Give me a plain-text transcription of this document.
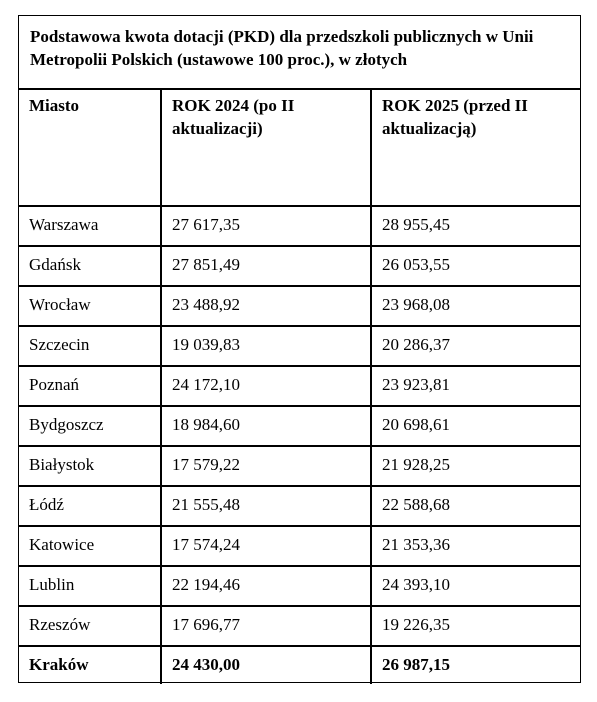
Podstawowa kwota dotacji (PKD) dla przedszkoli publicznych w Unii Metropolii Polskich (ustawowe 100 proc.), w złotych
Miasto	ROK 2024 (po II aktualizacji)	ROK 2025 (przed II aktualizacją)
Warszawa	27 617,35	28 955,45
Gdańsk	27 851,49	26 053,55
Wrocław	23 488,92	23 968,08
Szczecin	19 039,83	20 286,37
Poznań	24 172,10	23 923,81
Bydgoszcz	18 984,60	20 698,61
Białystok	17 579,22	21 928,25
Łódź	21 555,48	22 588,68
Katowice	17 574,24	21 353,36
Lublin	22 194,46	24 393,10
Rzeszów	17 696,77	19 226,35
Kraków	24 430,00	26 987,15
